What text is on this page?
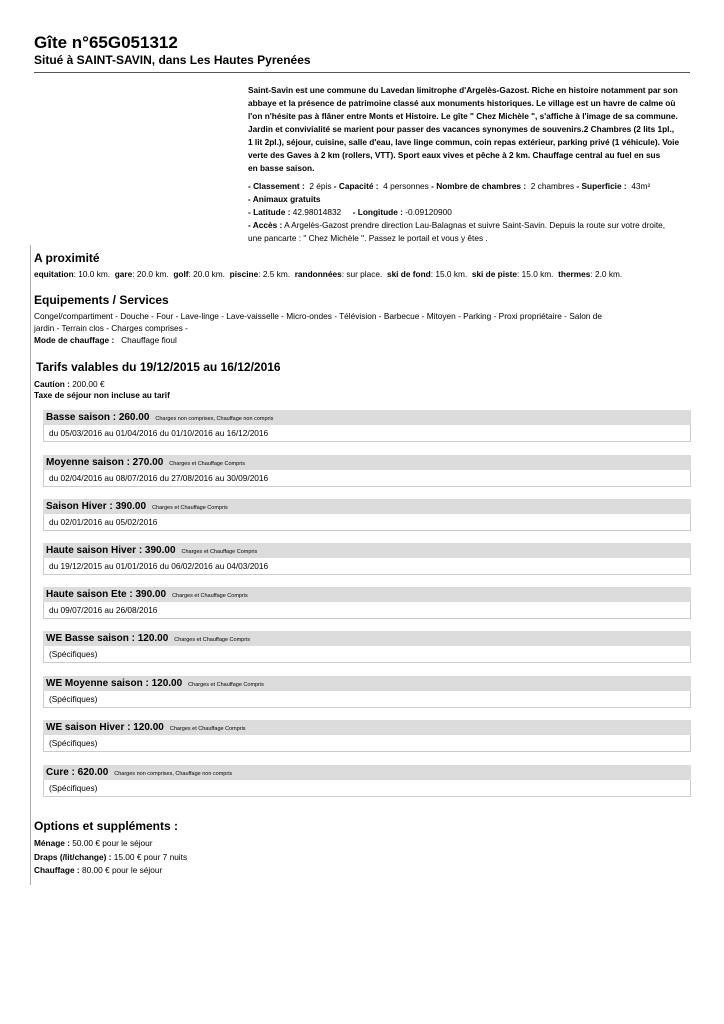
Gîte n°65G051312
Situé à SAINT-SAVIN, dans Les Hautes Pyrenées
Saint-Savin est une commune du Lavedan limitrophe d'Argelès-Gazost. Riche en histoire notamment par son
abbaye et la présence de patrimoine classé aux monuments historiques. Le village est un havre de calme où
l'on n'hésite pas à flâner entre Monts et Histoire. Le gîte " Chez Michèle ", s'affiche à l'image de sa commune.
Jardin et convivialité se marient pour passer des vacances synonymes de souvenirs.2 Chambres (2 lits 1pl.,
1 lit 2pl.), séjour, cuisine, salle d'eau, lave linge commun, coin repas extérieur, parking privé (1 véhicule). Voie
verte des Gaves à 2 km (rollers, VTT). Sport eaux vives et pêche à 2 km. Chauffage central au fuel en sus
en basse saison.
- Classement : 2 épis - Capacité : 4 personnes - Nombre de chambres : 2 chambres - Superficie : 43m²
- Animaux gratuits
- Latitude : 42.98014832 - Longitude : -0.09120900
- Accès : A Argelès-Gazost prendre direction Lau-Balagnas et suivre Saint-Savin. Depuis la route sur votre droite,
une pancarte : " Chez Michèle ". Passez le portail et vous y êtes .
A proximité
equitation: 10.0 km. gare: 20.0 km. golf: 20.0 km. piscine: 2.5 km. randonnées: sur place. ski de fond: 15.0 km. ski de piste: 15.0 km. thermes: 2.0 km.
Equipements / Services
Congel/compartiment - Douche - Four - Lave-linge - Lave-vaisselle - Micro-ondes - Télévision - Barbecue - Mitoyen - Parking - Proxi propriétaire - Salon de
jardin - Terrain clos - Charges comprises -
Mode de chauffage : Chauffage fioul
Tarifs valables du 19/12/2015 au 16/12/2016
Caution : 200.00 €
Taxe de séjour non incluse au tarif
Basse saison : 260.00 Charges non comprises, Chauffage non compris
du 05/03/2016 au 01/04/2016 du 01/10/2016 au 16/12/2016
Moyenne saison : 270.00 Charges et Chauffage Compris
du 02/04/2016 au 08/07/2016 du 27/08/2016 au 30/09/2016
Saison Hiver : 390.00 Charges et Chauffage Compris
du 02/01/2016 au 05/02/2016
Haute saison Hiver : 390.00 Charges et Chauffage Compris
du 19/12/2015 au 01/01/2016 du 06/02/2016 au 04/03/2016
Haute saison Ete : 390.00 Charges et Chauffage Compris
du 09/07/2016 au 26/08/2016
WE Basse saison : 120.00 Charges et Chauffage Compris
(Spécifiques)
WE Moyenne saison : 120.00 Charges et Chauffage Compris
(Spécifiques)
WE saison Hiver : 120.00 Charges et Chauffage Compris
(Spécifiques)
Cure : 620.00 Charges non comprises, Chauffage non compris
(Spécifiques)
Options et suppléments :
Ménage : 50.00 € pour le séjour
Draps (/lit/change) : 15.00 € pour 7 nuits
Chauffage : 80.00 € pour le séjour
